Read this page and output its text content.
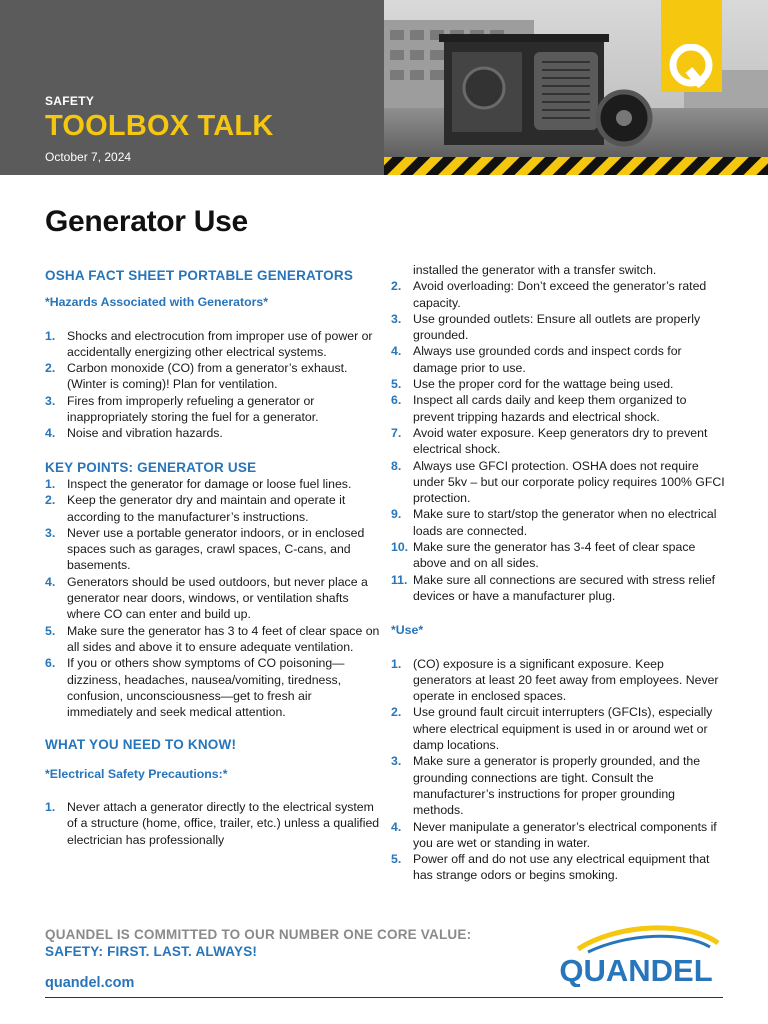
SAFETY
TOOLBOX TALK
October 7, 2024
Generator Use
OSHA FACT SHEET PORTABLE GENERATORS
*Hazards Associated with Generators*
1. Shocks and electrocution from improper use of power or accidentally energizing other electrical systems.
2. Carbon monoxide (CO) from a generator’s exhaust. (Winter is coming)! Plan for ventilation.
3. Fires from improperly refueling a generator or inappropriately storing the fuel for a generator.
4. Noise and vibration hazards.
KEY POINTS: GENERATOR USE
1. Inspect the generator for damage or loose fuel lines.
2. Keep the generator dry and maintain and operate it according to the manufacturer’s instructions.
3. Never use a portable generator indoors, or in enclosed spaces such as garages, crawl spaces, C-cans, and basements.
4. Generators should be used outdoors, but never place a generator near doors, windows, or ventilation shafts where CO can enter and build up.
5. Make sure the generator has 3 to 4 feet of clear space on all sides and above it to ensure adequate ventilation.
6. If you or others show symptoms of CO poisoning—dizziness, headaches, nausea/vomiting, tiredness, confusion, unconsciousness—get to fresh air immediately and seek medical attention.
WHAT YOU NEED TO KNOW!
*Electrical Safety Precautions:*
1. Never attach a generator directly to the electrical system of a structure (home, office, trailer, etc.) unless a qualified electrician has professionally
installed the generator with a transfer switch.
2. Avoid overloading: Don’t exceed the generator’s rated capacity.
3. Use grounded outlets: Ensure all outlets are properly grounded.
4. Always use grounded cords and inspect cords for damage prior to use.
5. Use the proper cord for the wattage being used.
6. Inspect all cards daily and keep them organized to prevent tripping hazards and electrical shock.
7. Avoid water exposure. Keep generators dry to prevent electrical shock.
8. Always use GFCI protection. OSHA does not require under 5kv – but our corporate policy requires 100% GFCI protection.
9. Make sure to start/stop the generator when no electrical loads are connected.
10. Make sure the generator has 3-4 feet of clear space above and on all sides.
11. Make sure all connections are secured with stress relief devices or have a manufacturer plug.
*Use*
1. (CO) exposure is a significant exposure. Keep generators at least 20 feet away from employees. Never operate in enclosed spaces.
2. Use ground fault circuit interrupters (GFCIs), especially where electrical equipment is used in or around wet or damp locations.
3. Make sure a generator is properly grounded, and the grounding connections are tight. Consult the manufacturer’s instructions for proper grounding methods.
4. Never manipulate a generator’s electrical components if you are wet or standing in water.
5. Power off and do not use any electrical equipment that has strange odors or begins smoking.
QUANDEL IS COMMITTED TO OUR NUMBER ONE CORE VALUE:
SAFETY: FIRST. LAST. ALWAYS!
quandel.com	QUANDEL
